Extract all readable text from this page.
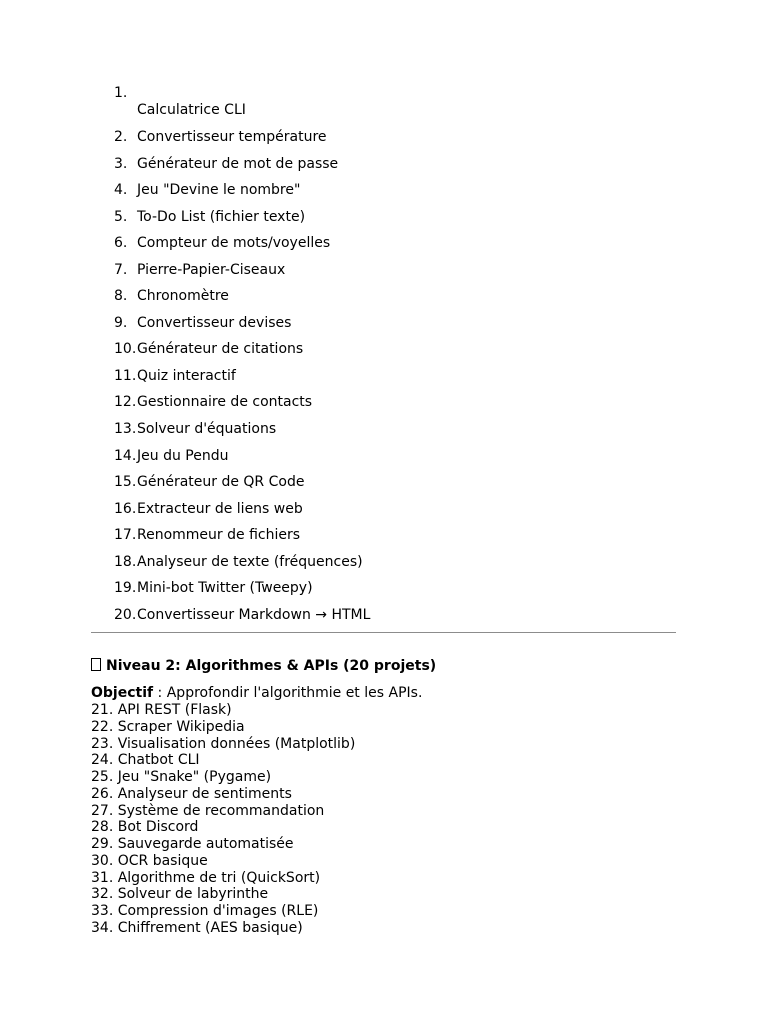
1.
Calculatrice CLI
2. Convertisseur température
3. Générateur de mot de passe
4. Jeu "Devine le nombre"
5. To-Do List (fichier texte)
6. Compteur de mots/voyelles
7. Pierre-Papier-Ciseaux
8. Chronomètre
9. Convertisseur devises
10. Générateur de citations
11. Quiz interactif
12. Gestionnaire de contacts
13. Solveur d'équations
14. Jeu du Pendu
15. Générateur de QR Code
16. Extracteur de liens web
17. Renommeur de fichiers
18. Analyseur de texte (fréquences)
19. Mini-bot Twitter (Tweepy)
20. Convertisseur Markdown → HTML
Niveau 2: Algorithmes & APIs (20 projets)
Objectif : Approfondir l'algorithmie et les APIs.
21. API REST (Flask)
22. Scraper Wikipedia
23. Visualisation données (Matplotlib)
24. Chatbot CLI
25. Jeu "Snake" (Pygame)
26. Analyseur de sentiments
27. Système de recommandation
28. Bot Discord
29. Sauvegarde automatisée
30. OCR basique
31. Algorithme de tri (QuickSort)
32. Solveur de labyrinthe
33. Compression d'images (RLE)
34. Chiffrement (AES basique)
